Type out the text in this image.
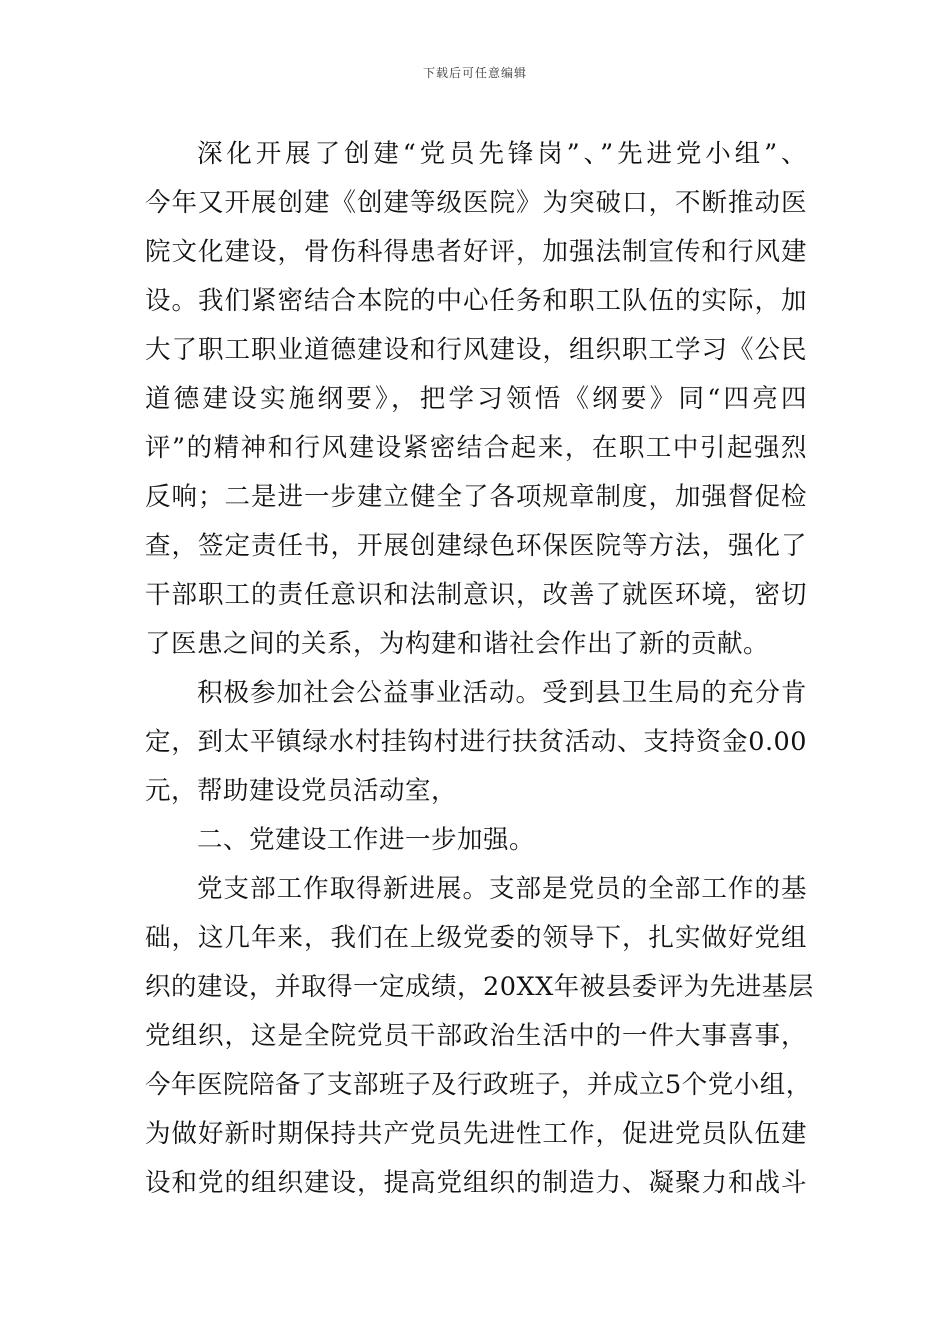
下载后可任意编辑
深化开展了创建“党员先锋岗”、”先进党小组”、
今年又开展创建《创建等级医院》为突破口，不断推动医
院文化建设，骨伤科得患者好评，加强法制宣传和行风建
设。我们紧密结合本院的中心任务和职工队伍的实际，加
大了职工职业道德建设和行风建设，组织职工学习《公民
道德建设实施纲要》，把学习领悟《纲要》同“四亮四
评”的精神和行风建设紧密结合起来，在职工中引起强烈
反响；二是进一步建立健全了各项规章制度，加强督促检
查，签定责任书，开展创建绿色环保医院等方法，强化了
干部职工的责任意识和法制意识，改善了就医环境，密切
了医患之间的关系，为构建和谐社会作出了新的贡献。
积极参加社会公益事业活动。受到县卫生局的充分肯
定，到太平镇绿水村挂钩村进行扶贫活动、支持资金0.00
元，帮助建设党员活动室，
二、党建设工作进一步加强。
党支部工作取得新进展。支部是党员的全部工作的基
础，这几年来，我们在上级党委的领导下，扎实做好党组
织的建设，并取得一定成绩，20XX年被县委评为先进基层
党组织，这是全院党员干部政治生活中的一件大事喜事，
今年医院陪备了支部班子及行政班子，并成立5个党小组，
为做好新时期保持共产党员先进性工作，促进党员队伍建
设和党的组织建设，提高党组织的制造力、凝聚力和战斗
